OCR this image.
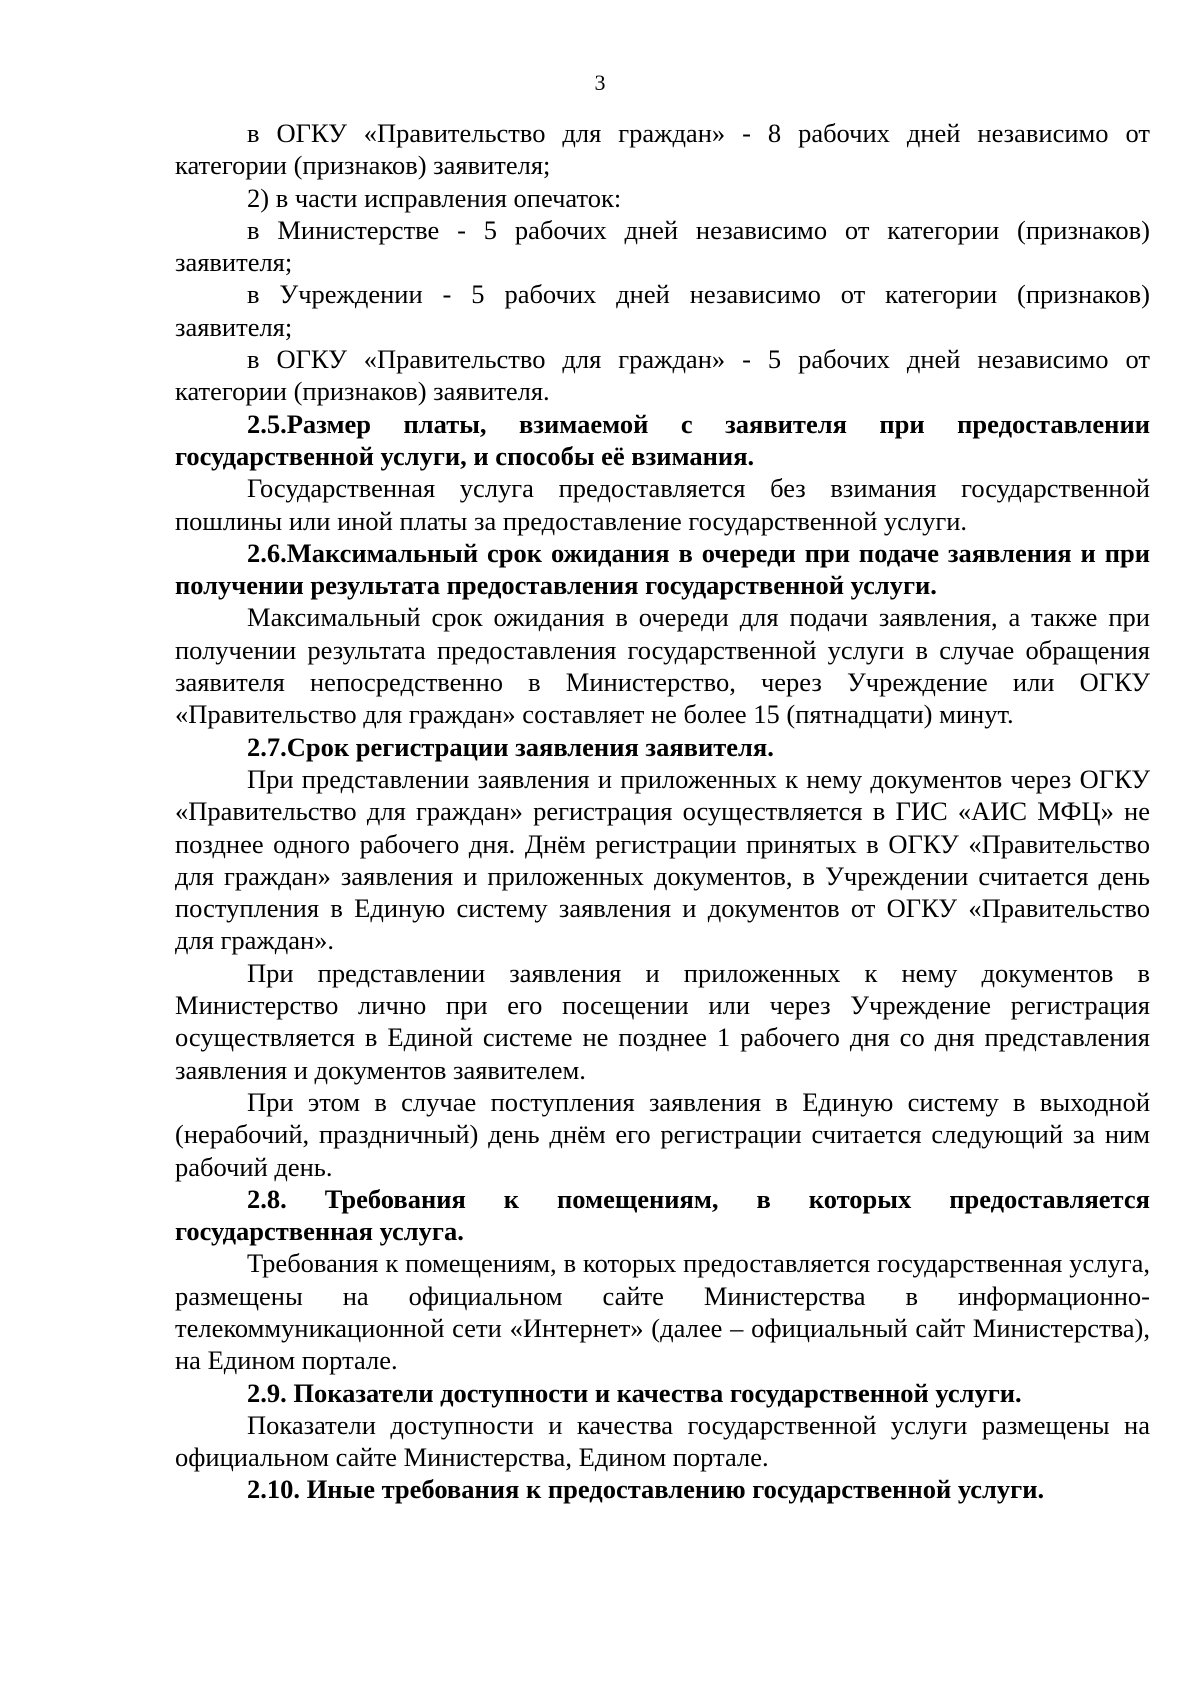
3

в ОГКУ «Правительство для граждан» - 8 рабочих дней независимо от категории (признаков) заявителя;

2) в части исправления опечаток:

в Министерстве - 5 рабочих дней независимо от категории (признаков) заявителя;

в Учреждении - 5 рабочих дней независимо от категории (признаков) заявителя;

в ОГКУ «Правительство для граждан» - 5 рабочих дней независимо от категории (признаков) заявителя.

2.5.Размер платы, взимаемой с заявителя при предоставлении государственной услуги, и способы её взимания.

Государственная услуга предоставляется без взимания государственной пошлины или иной платы за предоставление государственной услуги.

2.6.Максимальный срок ожидания в очереди при подаче заявления и при получении результата предоставления государственной услуги.

Максимальный срок ожидания в очереди для подачи заявления, а также при получении результата предоставления государственной услуги в случае обращения заявителя непосредственно в Министерство, через Учреждение или ОГКУ «Правительство для граждан» составляет не более 15 (пятнадцати) минут.

2.7.Срок регистрации заявления заявителя.

При представлении заявления и приложенных к нему документов через ОГКУ «Правительство для граждан» регистрация осуществляется в ГИС «АИС МФЦ» не позднее одного рабочего дня. Днём регистрации принятых в ОГКУ «Правительство для граждан» заявления и приложенных документов, в Учреждении считается день поступления в Единую систему заявления и документов от ОГКУ «Правительство для граждан».

При представлении заявления и приложенных к нему документов в Министерство лично при его посещении или через Учреждение регистрация осуществляется в Единой системе не позднее 1 рабочего дня со дня представления заявления и документов заявителем.

При этом в случае поступления заявления в Единую систему в выходной (нерабочий, праздничный) день днём его регистрации считается следующий за ним рабочий день.

2.8. Требования к помещениям, в которых предоставляется государственная услуга.

Требования к помещениям, в которых предоставляется государственная услуга, размещены на официальном сайте Министерства в информационно-телекоммуникационной сети «Интернет» (далее – официальный сайт Министерства), на Едином портале.

2.9. Показатели доступности и качества государственной услуги.

Показатели доступности и качества государственной услуги размещены на официальном сайте Министерства, Едином портале.

2.10. Иные требования к предоставлению государственной услуги.
